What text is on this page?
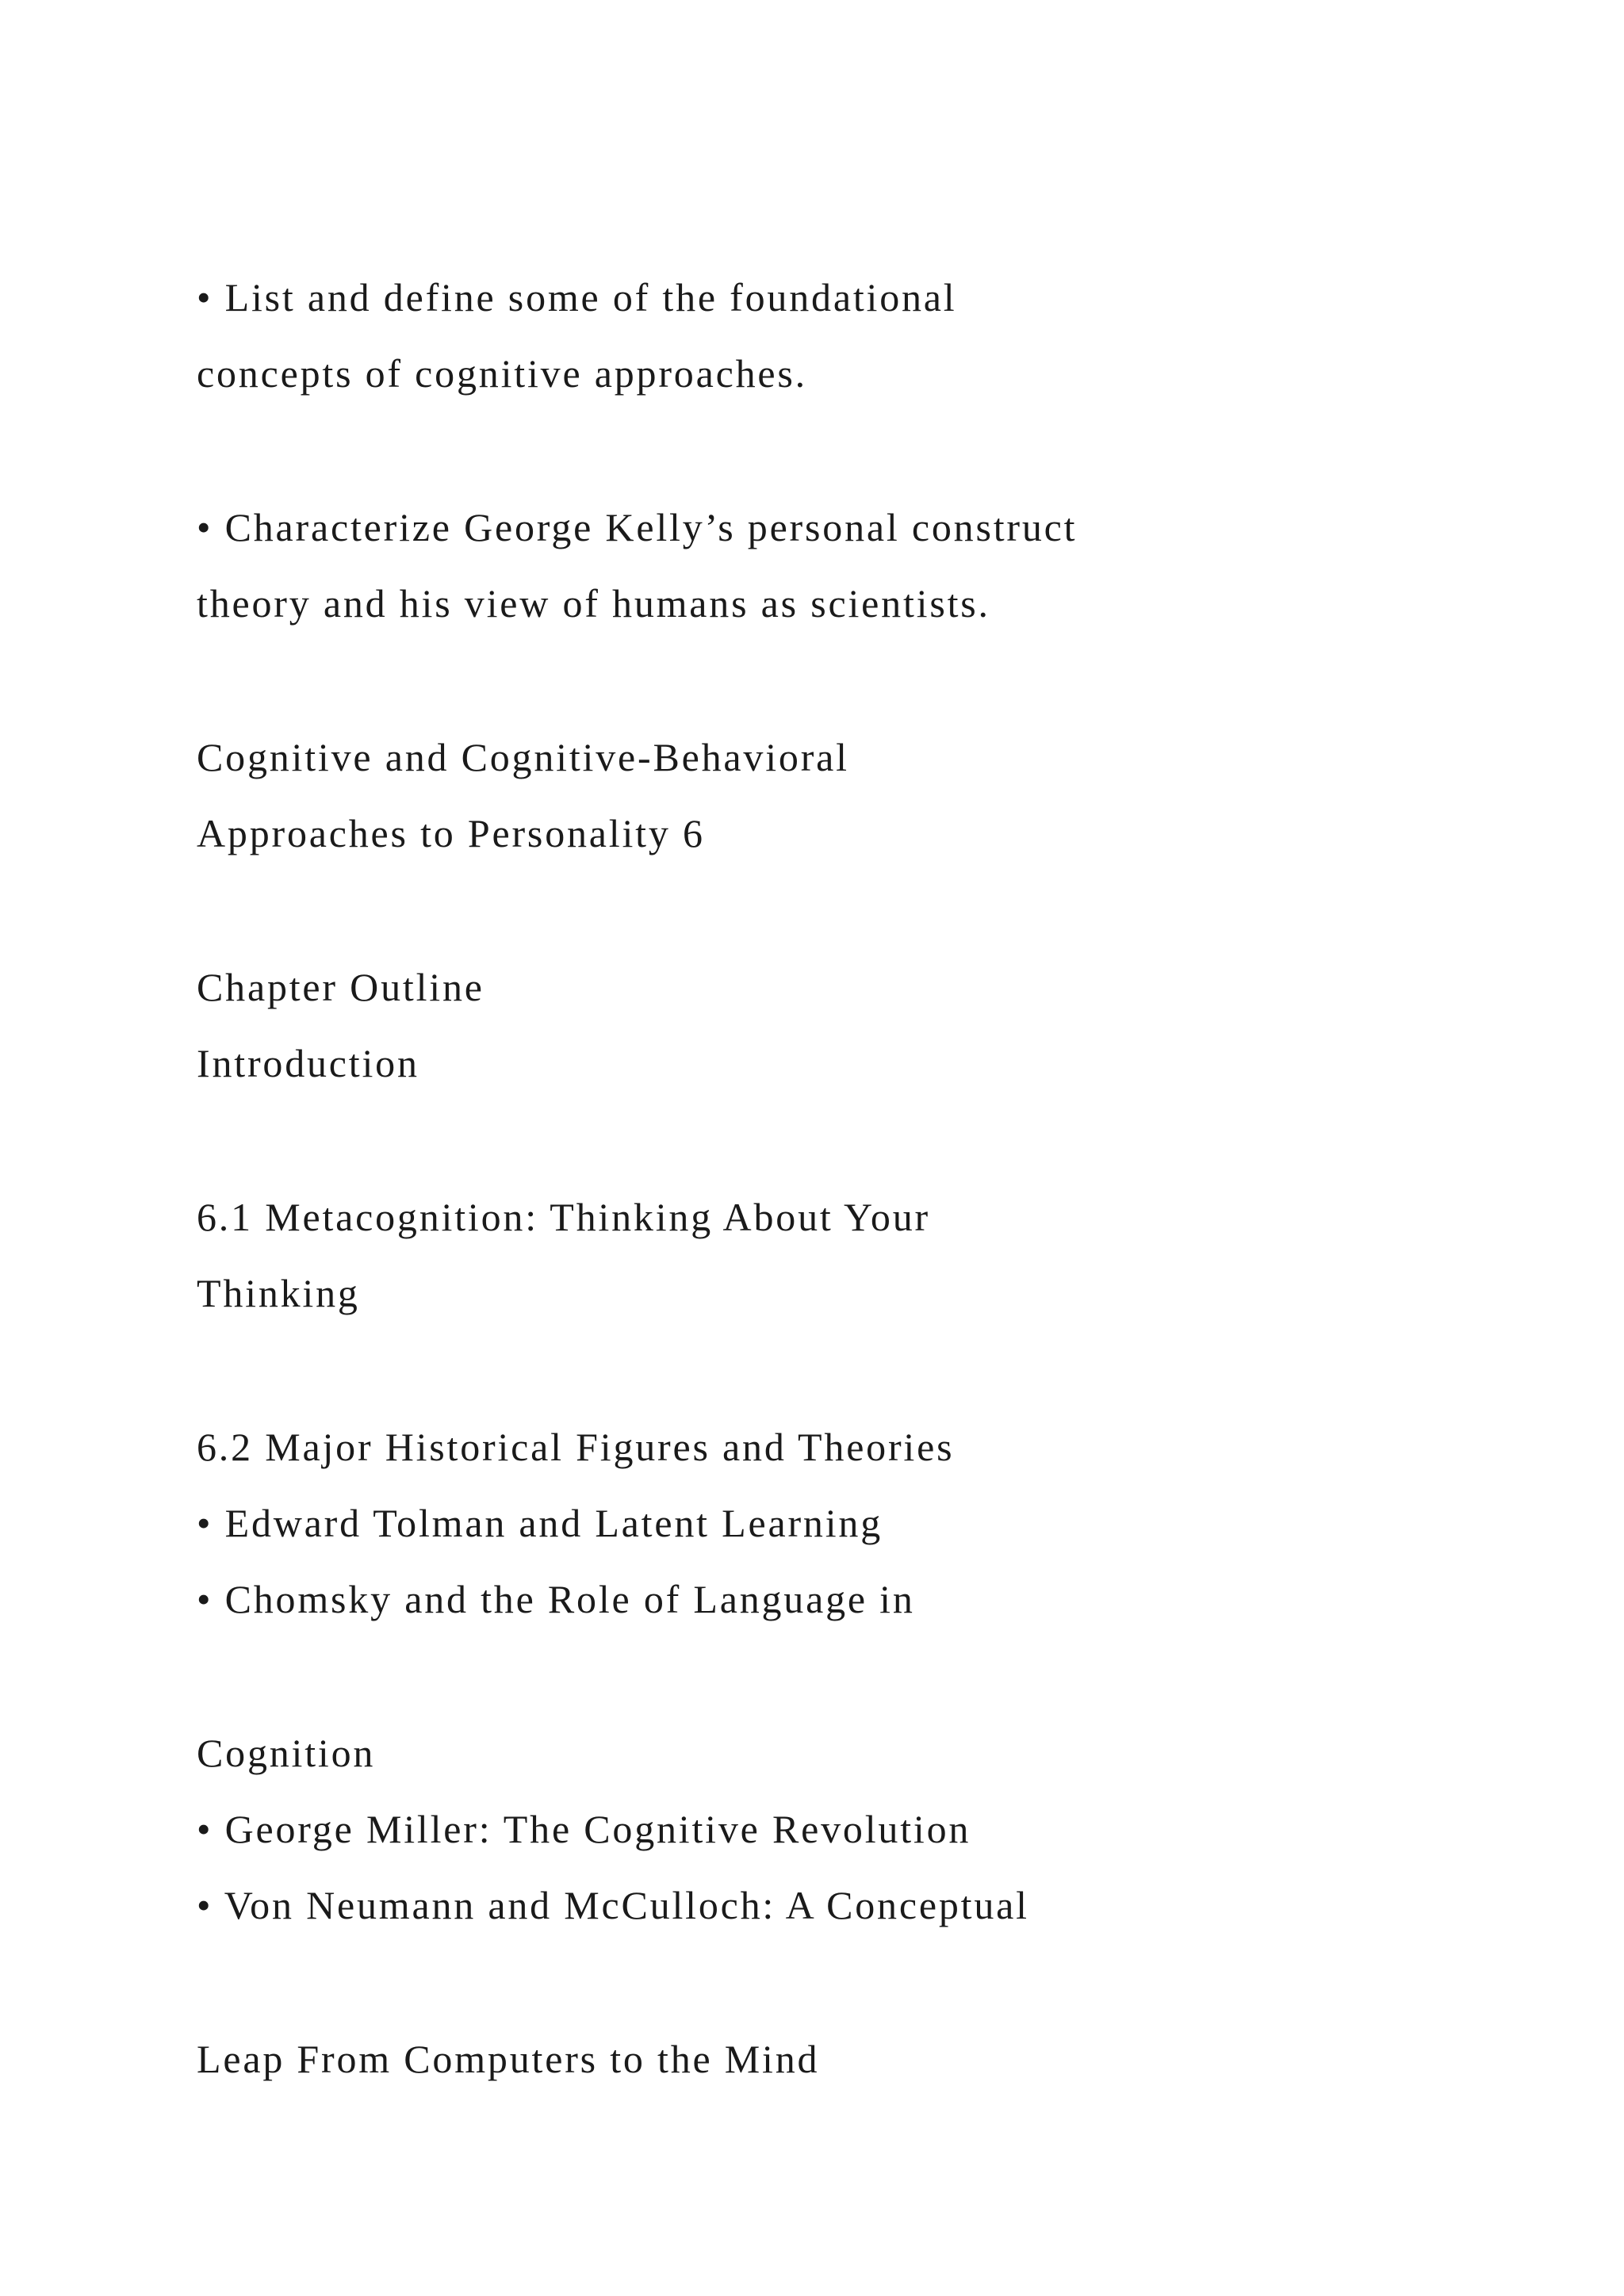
• List and define some of the foundational

concepts of cognitive approaches.

• Characterize George Kelly’s personal construct

theory and his view of humans as scientists.

Cognitive and Cognitive-Behavioral

Approaches to Personality 6

Chapter Outline

Introduction

6.1 Metacognition: Thinking About Your

Thinking

6.2 Major Historical Figures and Theories

• Edward Tolman and Latent Learning

• Chomsky and the Role of Language in

Cognition

• George Miller: The Cognitive Revolution

• Von Neumann and McCulloch: A Conceptual

Leap From Computers to the Mind
